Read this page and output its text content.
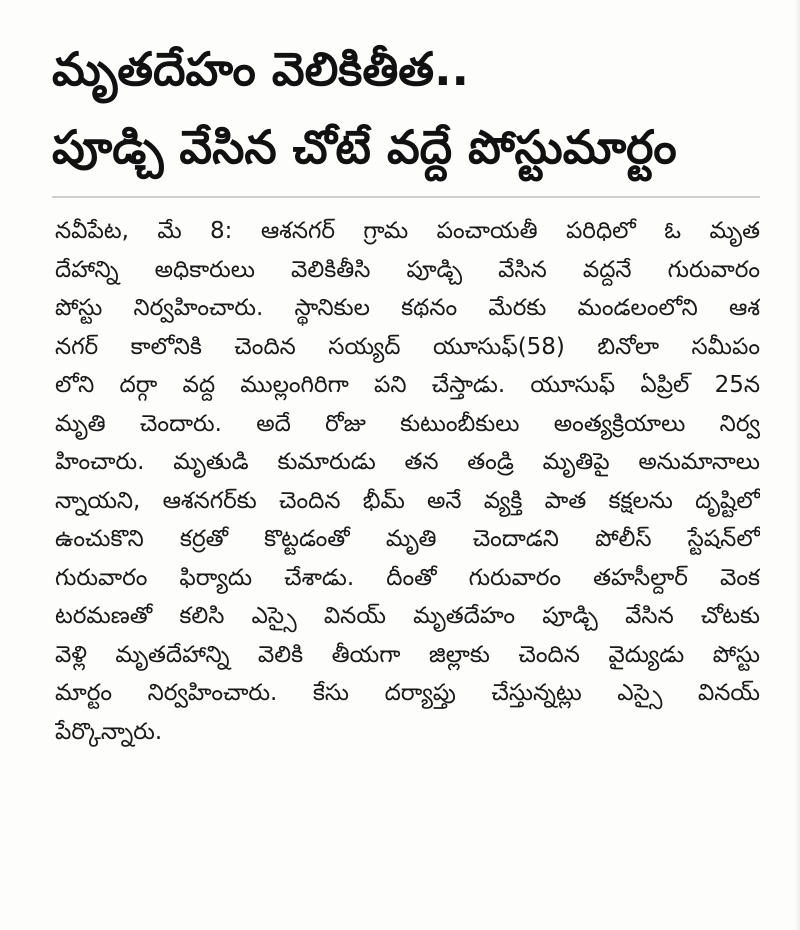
మృతదేహం వెలికితీత..
పూడ్చి వేసిన చోటే వద్దే పోస్టుమార్టం
నవీపేట, మే 8: ఆశనగర్ గ్రామ పంచాయతీ పరిధిలో ఓ మృత
దేహాన్ని అధికారులు వెలికితీసి పూడ్చి వేసిన వద్దనే గురువారం
పోస్టు నిర్వహించారు. స్థానికుల కథనం మేరకు మండలంలోని ఆశ
నగర్ కాలోనికి చెందిన సయ్యద్ యూసుఫ్(58) బినోలా సమీపం
లోని దర్గా వద్ద ముల్లంగిరిగా పని చేస్తాడు. యూసుఫ్ ఏప్రిల్ 25న
మృతి చెందారు. అదే రోజు కుటుంబీకులు అంత్యక్రియాలు నిర్వ
హించారు. మృతుడి కుమారుడు తన తండ్రి మృతిపై అనుమానాలు
న్నాయని, ఆశనగర్‌కు చెందిన భీమ్ అనే వ్యక్తి పాత కక్షలను దృష్టిలో
ఉంచుకొని కర్రతో కొట్టడంతో మృతి చెందాడని పోలీస్ స్టేషన్‌లో
గురువారం ఫిర్యాదు చేశాడు. దీంతో గురువారం తహసీల్దార్ వెంక
టరమణతో కలిసి ఎస్సై వినయ్ మృతదేహం పూడ్చి వేసిన చోటకు
వెళ్లి మృతదేహాన్ని వెలికి తీయగా జిల్లాకు చెందిన వైద్యుడు పోస్టు
మార్టం నిర్వహించారు. కేసు దర్యాప్తు చేస్తున్నట్లు ఎస్సై వినయ్
పేర్కొన్నారు.
